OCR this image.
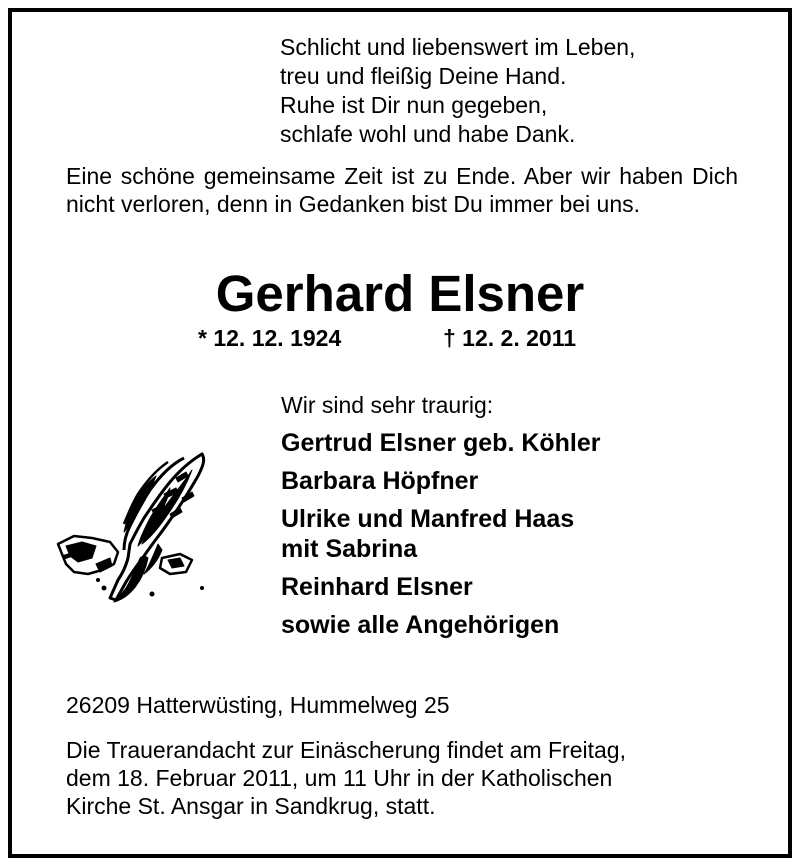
Schlicht und liebenswert im Leben,
treu und fleißig Deine Hand.
Ruhe ist Dir nun gegeben,
schlafe wohl und habe Dank.
Eine schöne gemeinsame Zeit ist zu Ende. Aber wir haben Dich nicht verloren, denn in Gedanken bist Du immer bei uns.
Gerhard Elsner
* 12. 12. 1924	† 12. 2. 2011
Wir sind sehr traurig:
Gertrud Elsner geb. Köhler
Barbara Höpfner
Ulrike und Manfred Haas
mit Sabrina
Reinhard Elsner
sowie alle Angehörigen
26209 Hatterwüsting, Hummelweg 25
Die Trauerandacht zur Einäscherung findet am Freitag,
dem 18. Februar 2011, um 11 Uhr in der Katholischen
Kirche St. Ansgar in Sandkrug, statt.
